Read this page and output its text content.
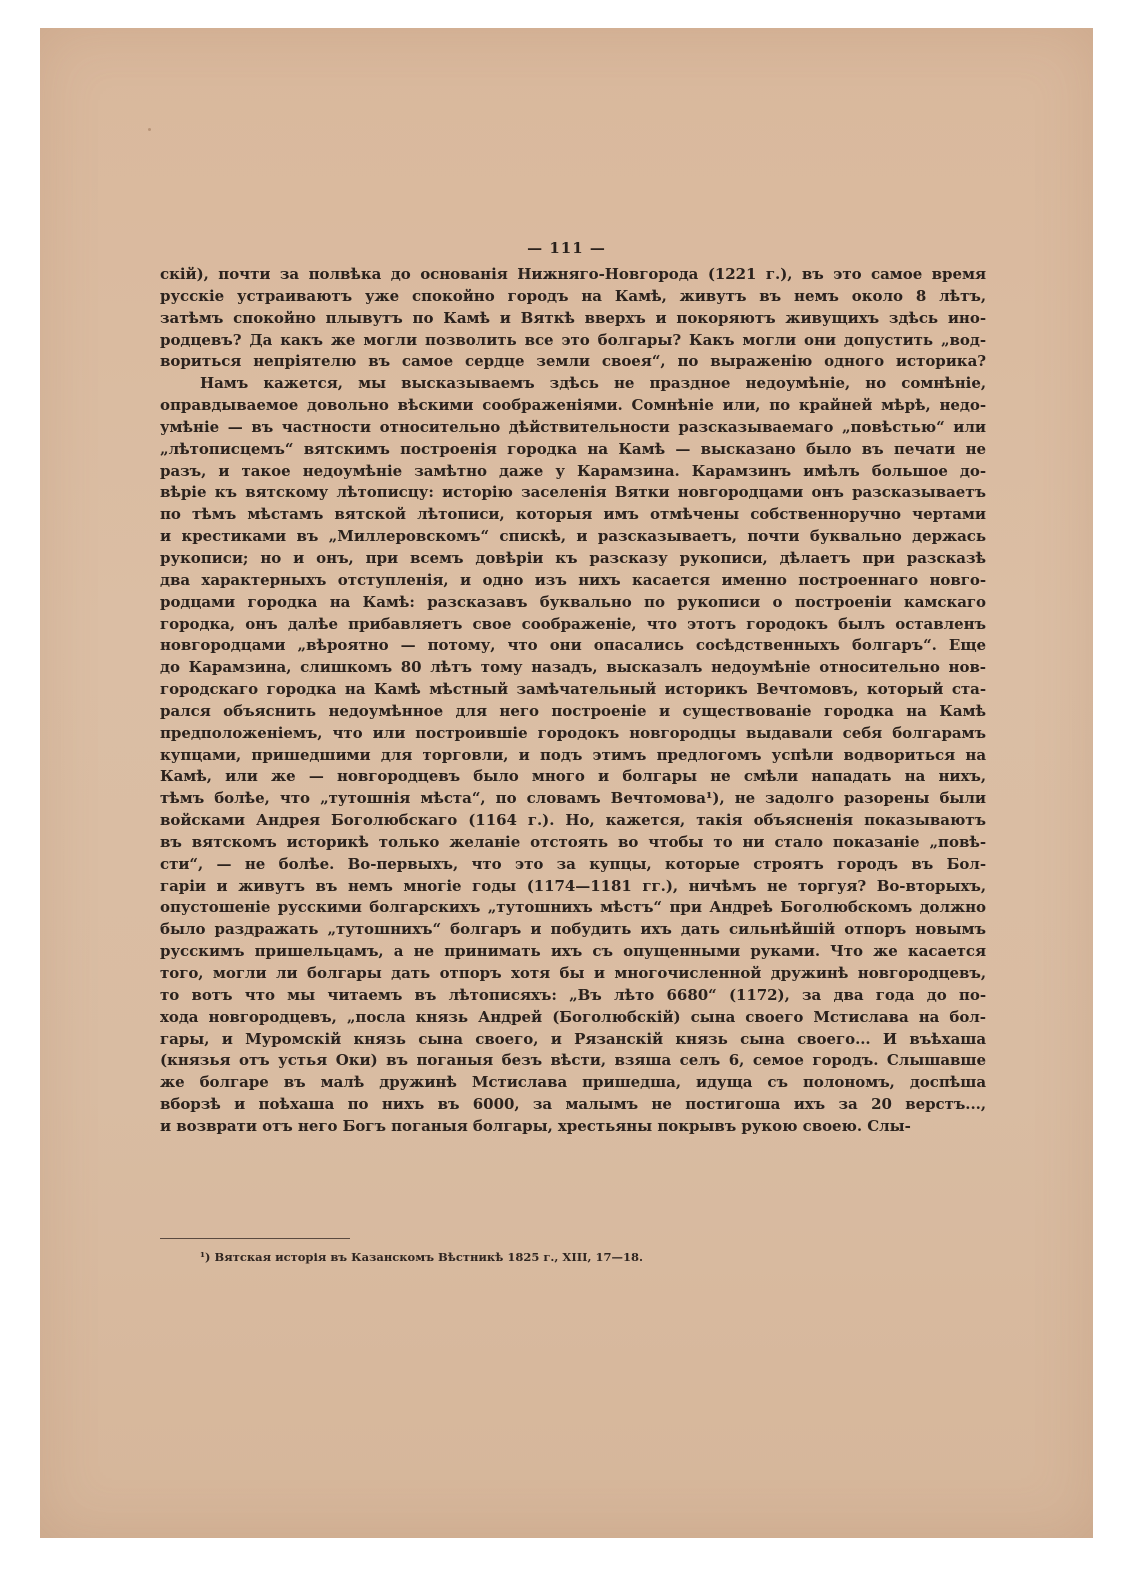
— 111 —
скій), почти за полвѣка до основанія Нижняго-Новгорода (1221 г.), въ это самое время
русскіе устраиваютъ уже спокойно городъ на Камѣ, живутъ въ немъ около 8 лѣтъ,
затѣмъ спокойно плывутъ по Камѣ и Вяткѣ вверхъ и покоряютъ живущихъ здѣсь ино-
родцевъ? Да какъ же могли позволить все это болгары? Какъ могли они допустить „вод-
вориться непріятелю въ самое сердце земли своея“, по выраженію одного историка?
Намъ кажется, мы высказываемъ здѣсь не праздное недоумѣніе, но сомнѣніе,
оправдываемое довольно вѣскими соображеніями. Сомнѣніе или, по крайней мѣрѣ, недо-
умѣніе — въ частности относительно дѣйствительности разсказываемаго „повѣстью“ или
„лѣтописцемъ“ вятскимъ построенія городка на Камѣ — высказано было въ печати не
разъ, и такое недоумѣніе замѣтно даже у Карамзина. Карамзинъ имѣлъ большое до-
вѣріе къ вятскому лѣтописцу: исторію заселенія Вятки новгородцами онъ разсказываетъ
по тѣмъ мѣстамъ вятской лѣтописи, которыя имъ отмѣчены собственноручно чертами
и крестиками въ „Миллеровскомъ“ спискѣ, и разсказываетъ, почти буквально держась
рукописи; но и онъ, при всемъ довѣріи къ разсказу рукописи, дѣлаетъ при разсказѣ
два характерныхъ отступленія, и одно изъ нихъ касается именно построеннаго новго-
родцами городка на Камѣ: разсказавъ буквально по рукописи о построеніи камскаго
городка, онъ далѣе прибавляетъ свое соображеніе, что этотъ городокъ былъ оставленъ
новгородцами „вѣроятно — потому, что они опасались сосѣдственныхъ болгаръ“. Еще
до Карамзина, слишкомъ 80 лѣтъ тому назадъ, высказалъ недоумѣніе относительно нов-
городскаго городка на Камѣ мѣстный замѣчательный историкъ Вечтомовъ, который ста-
рался объяснить недоумѣнное для него построеніе и существованіе городка на Камѣ
предположеніемъ, что или построившіе городокъ новгородцы выдавали себя болгарамъ
купцами, пришедшими для торговли, и подъ этимъ предлогомъ успѣли водвориться на
Камѣ, или же — новгородцевъ было много и болгары не смѣли нападать на нихъ,
тѣмъ болѣе, что „тутошнія мѣста“, по словамъ Вечтомова¹), не задолго разорены были
войсками Андрея Боголюбскаго (1164 г.). Но, кажется, такія объясненія показываютъ
въ вятскомъ историкѣ только желаніе отстоять во чтобы то ни стало показаніе „повѣ-
сти“, — не болѣе. Во-первыхъ, что это за купцы, которые строятъ городъ въ Бол-
гаріи и живутъ въ немъ многіе годы (1174—1181 гг.), ничѣмъ не торгуя? Во-вторыхъ,
опустошеніе русскими болгарскихъ „тутошнихъ мѣстъ“ при Андреѣ Боголюбскомъ должно
было раздражать „тутошнихъ“ болгаръ и побудить ихъ дать сильнѣйшій отпоръ новымъ
русскимъ пришельцамъ, а не принимать ихъ съ опущенными руками. Что же касается
того, могли ли болгары дать отпоръ хотя бы и многочисленной дружинѣ новгородцевъ,
то вотъ что мы читаемъ въ лѣтописяхъ: „Въ лѣто 6680“ (1172), за два года до по-
хода новгородцевъ, „посла князь Андрей (Боголюбскій) сына своего Мстислава на бол-
гары, и Муромскій князь сына своего, и Рязанскій князь сына своего... И въѣхаша
(князья отъ устья Оки) въ поганыя безъ вѣсти, взяша селъ 6, семое городъ. Слышавше
же болгаре въ малѣ дружинѣ Мстислава пришедша, идуща съ полономъ, доспѣша
вборзѣ и поѣхаша по нихъ въ 6000, за малымъ не постигоша ихъ за 20 верстъ...,
и возврати отъ него Богъ поганыя болгары, хрестьяны покрывъ рукою своею. Слы-
¹) Вятская исторія въ Казанскомъ Вѣстникѣ 1825 г., XIII, 17—18.
